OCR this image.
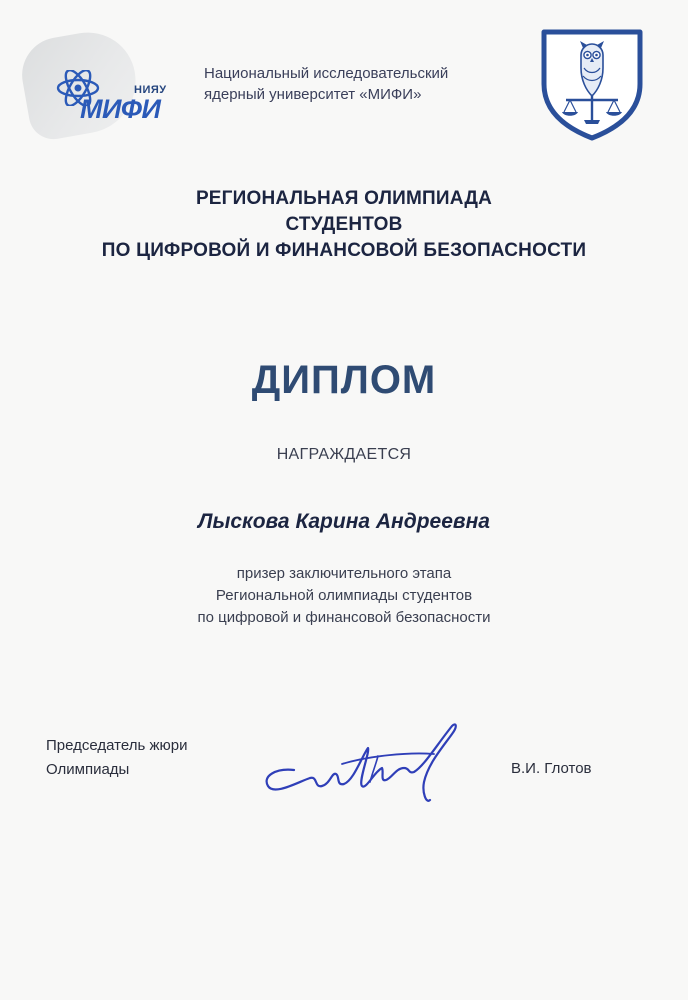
НИЯУ
МИФИ
Национальный исследовательский
ядерный университет «МИФИ»
РЕГИОНАЛЬНАЯ ОЛИМПИАДА
СТУДЕНТОВ
ПО ЦИФРОВОЙ И ФИНАНСОВОЙ БЕЗОПАСНОСТИ
ДИПЛОМ
НАГРАЖДАЕТСЯ
Лыскова Карина Андреевна
призер заключительного этапа
Региональной олимпиады студентов
по цифровой и финансовой безопасности
Председатель жюри
Олимпиады	В.И. Глотов
